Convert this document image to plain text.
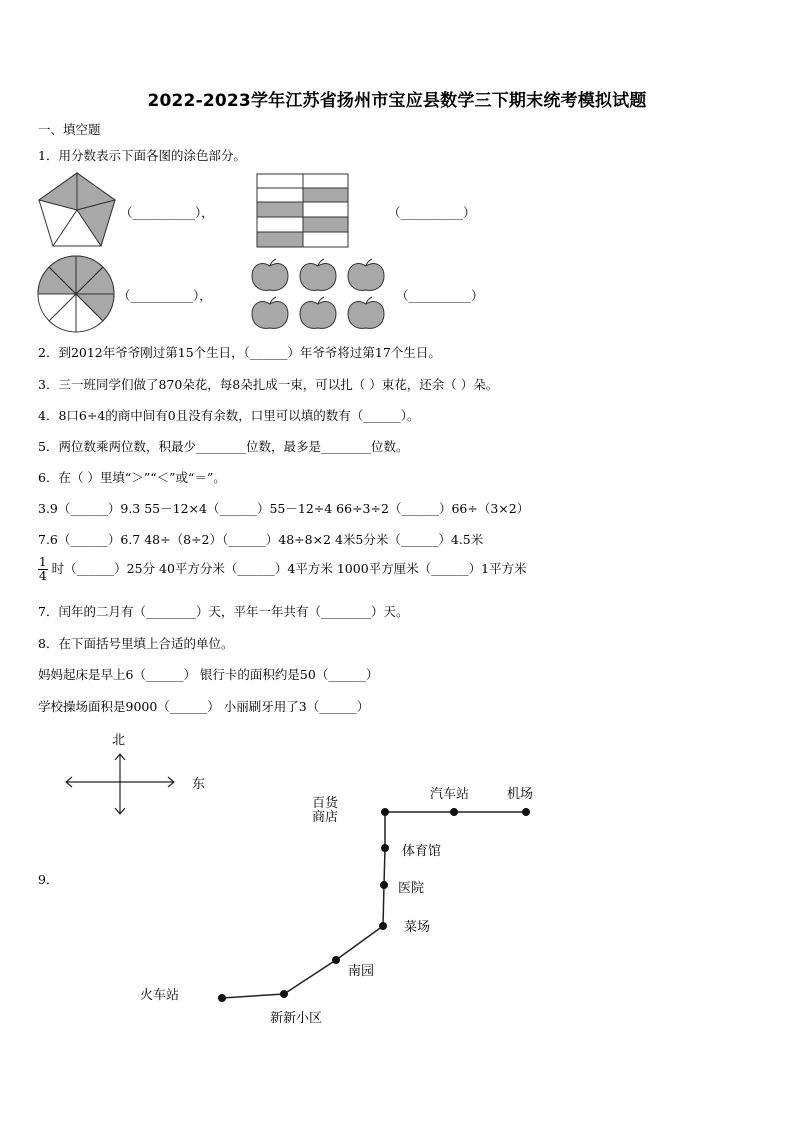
2022-2023学年江苏省扬州市宝应县数学三下期末统考模拟试题
一、填空题
1．用分数表示下面各图的涂色部分。
（__________），	（__________）
（__________），	（__________）
2．到2012年爷爷刚过第15个生日，（______）年爷爷将过第17个生日。
3．三一班同学们做了870朵花，每8朵扎成一束，可以扎（ ）束花，还余（ ）朵。
4．8口6÷4的商中间有0且没有余数，口里可以填的数有（______）。
5．两位数乘两位数，积最少________位数，最多是________位数。
6．在（ ）里填“＞”“＜”或“＝”。
3.9（______）9.3 55－12×4（______）55－12÷4 66÷3÷2（______）66÷（3×2）
7.6（______）6.7 48÷（8÷2）（______）48÷8×2 4米5分米（______）4.5米
$\frac{1}{4}$ 时（______）25分 40平方分米（______）4平方米 1000平方厘米（______）1平方米
7．闰年的二月有（________）天，平年一年共有（________）天。
8．在下面括号里填上合适的单位。
妈妈起床是早上6（______） 银行卡的面积约是50（______）
学校操场面积是9000（______） 小丽刷牙用了3（______）
9．
北
东
百货
商店
汽车站	机场
体育馆
医院
菜场
南园
火车站
新新小区
